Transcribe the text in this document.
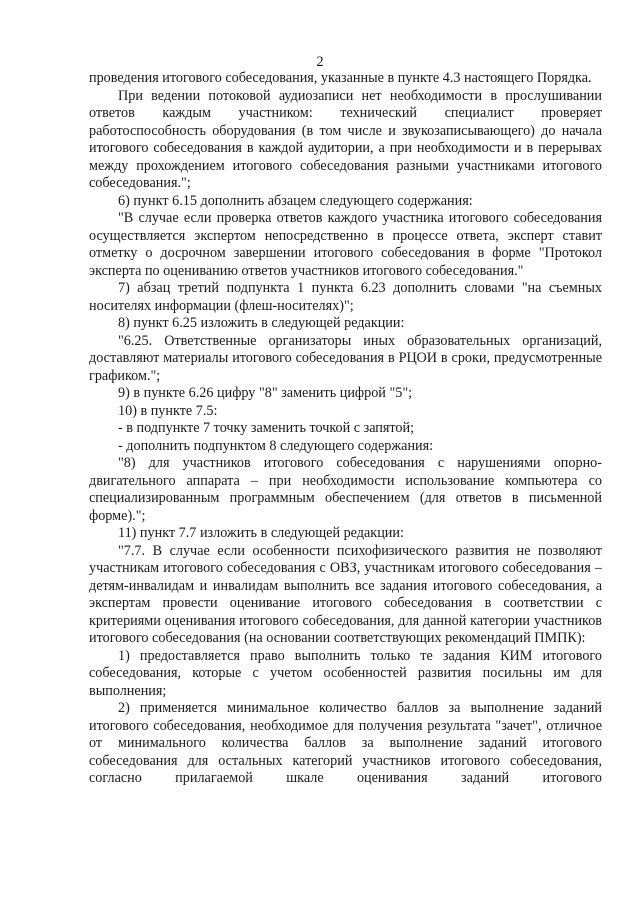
2

проведения итогового собеседования, указанные в пункте 4.3 настоящего Порядка.

При ведении потоковой аудиозаписи нет необходимости в прослушивании ответов каждым участником: технический специалист проверяет работоспособность оборудования (в том числе и звукозаписывающего) до начала итогового собеседования в каждой аудитории, а при необходимости и в перерывах между прохождением итогового собеседования разными участниками итогового собеседования.";

6) пункт 6.15 дополнить абзацем следующего содержания:

"В случае если проверка ответов каждого участника итогового собеседования осуществляется экспертом непосредственно в процессе ответа, эксперт ставит отметку о досрочном завершении итогового собеседования в форме "Протокол эксперта по оцениванию ответов участников итогового собеседования."

7) абзац третий подпункта 1 пункта 6.23 дополнить словами "на съемных носителях информации (флеш-носителях)";

8) пункт 6.25 изложить в следующей редакции:

"6.25. Ответственные организаторы иных образовательных организаций, доставляют материалы итогового собеседования в РЦОИ в сроки, предусмотренные графиком.";

9) в пункте 6.26 цифру "8" заменить цифрой "5";

10) в пункте 7.5:

- в подпункте 7 точку заменить точкой с запятой;

- дополнить подпунктом 8 следующего содержания:

"8) для участников итогового собеседования с нарушениями опорно-двигательного аппарата – при необходимости использование компьютера со специализированным программным обеспечением (для ответов в письменной форме).";

11) пункт 7.7 изложить в следующей редакции:

"7.7. В случае если особенности психофизического развития не позволяют участникам итогового собеседования с ОВЗ, участникам итогового собеседования – детям-инвалидам и инвалидам выполнить все задания итогового собеседования, а экспертам провести оценивание итогового собеседования в соответствии с критериями оценивания итогового собеседования, для данной категории участников итогового собеседования (на основании соответствующих рекомендаций ПМПК):

1) предоставляется право выполнить только те задания КИМ итогового собеседования, которые с учетом особенностей развития посильны им для выполнения;

2) применяется минимальное количество баллов за выполнение заданий итогового собеседования, необходимое для получения результата "зачет", отличное от минимального количества баллов за выполнение заданий итогового собеседования для остальных категорий участников итогового собеседования, согласно прилагаемой шкале оценивания заданий итогового
